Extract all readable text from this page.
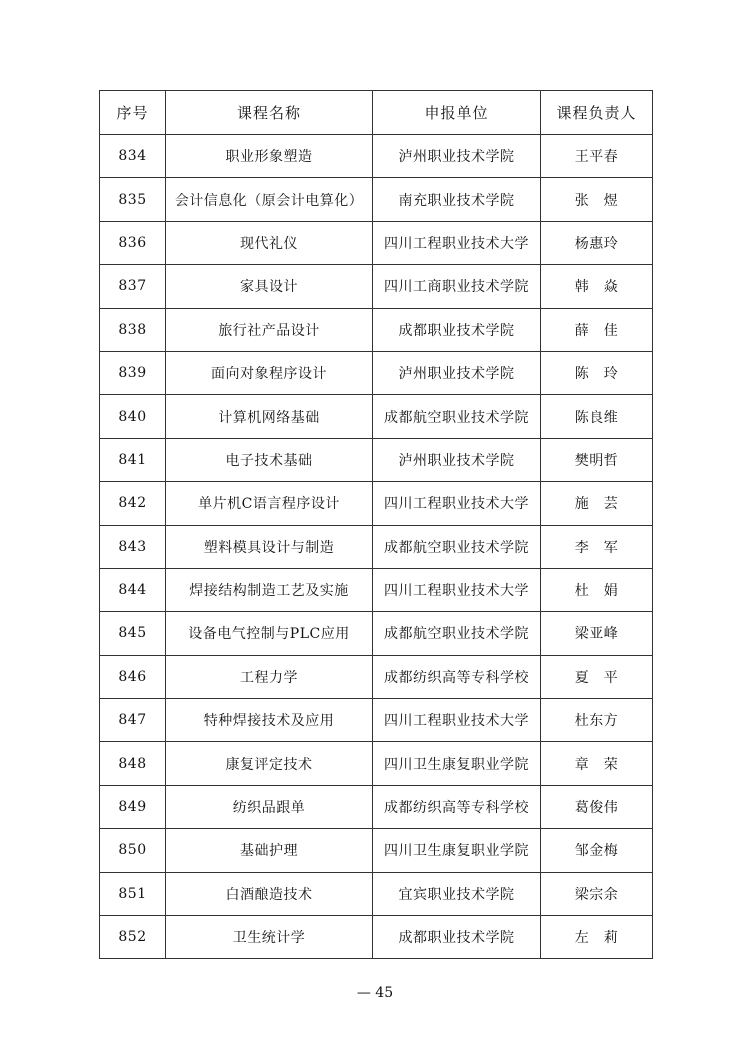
序号	课程名称	申报单位	课程负责人
834	职业形象塑造	泸州职业技术学院	王平春
835	会计信息化（原会计电算化）	南充职业技术学院	张　煜
836	现代礼仪	四川工程职业技术大学	杨惠玲
837	家具设计	四川工商职业技术学院	韩　焱
838	旅行社产品设计	成都职业技术学院	薛　佳
839	面向对象程序设计	泸州职业技术学院	陈　玲
840	计算机网络基础	成都航空职业技术学院	陈良维
841	电子技术基础	泸州职业技术学院	樊明哲
842	单片机C语言程序设计	四川工程职业技术大学	施　芸
843	塑料模具设计与制造	成都航空职业技术学院	李　军
844	焊接结构制造工艺及实施	四川工程职业技术大学	杜　娟
845	设备电气控制与PLC应用	成都航空职业技术学院	梁亚峰
846	工程力学	成都纺织高等专科学校	夏　平
847	特种焊接技术及应用	四川工程职业技术大学	杜东方
848	康复评定技术	四川卫生康复职业学院	章　荣
849	纺织品跟单	成都纺织高等专科学校	葛俊伟
850	基础护理	四川卫生康复职业学院	邹金梅
851	白酒酿造技术	宜宾职业技术学院	梁宗余
852	卫生统计学	成都职业技术学院	左　莉
— 45
